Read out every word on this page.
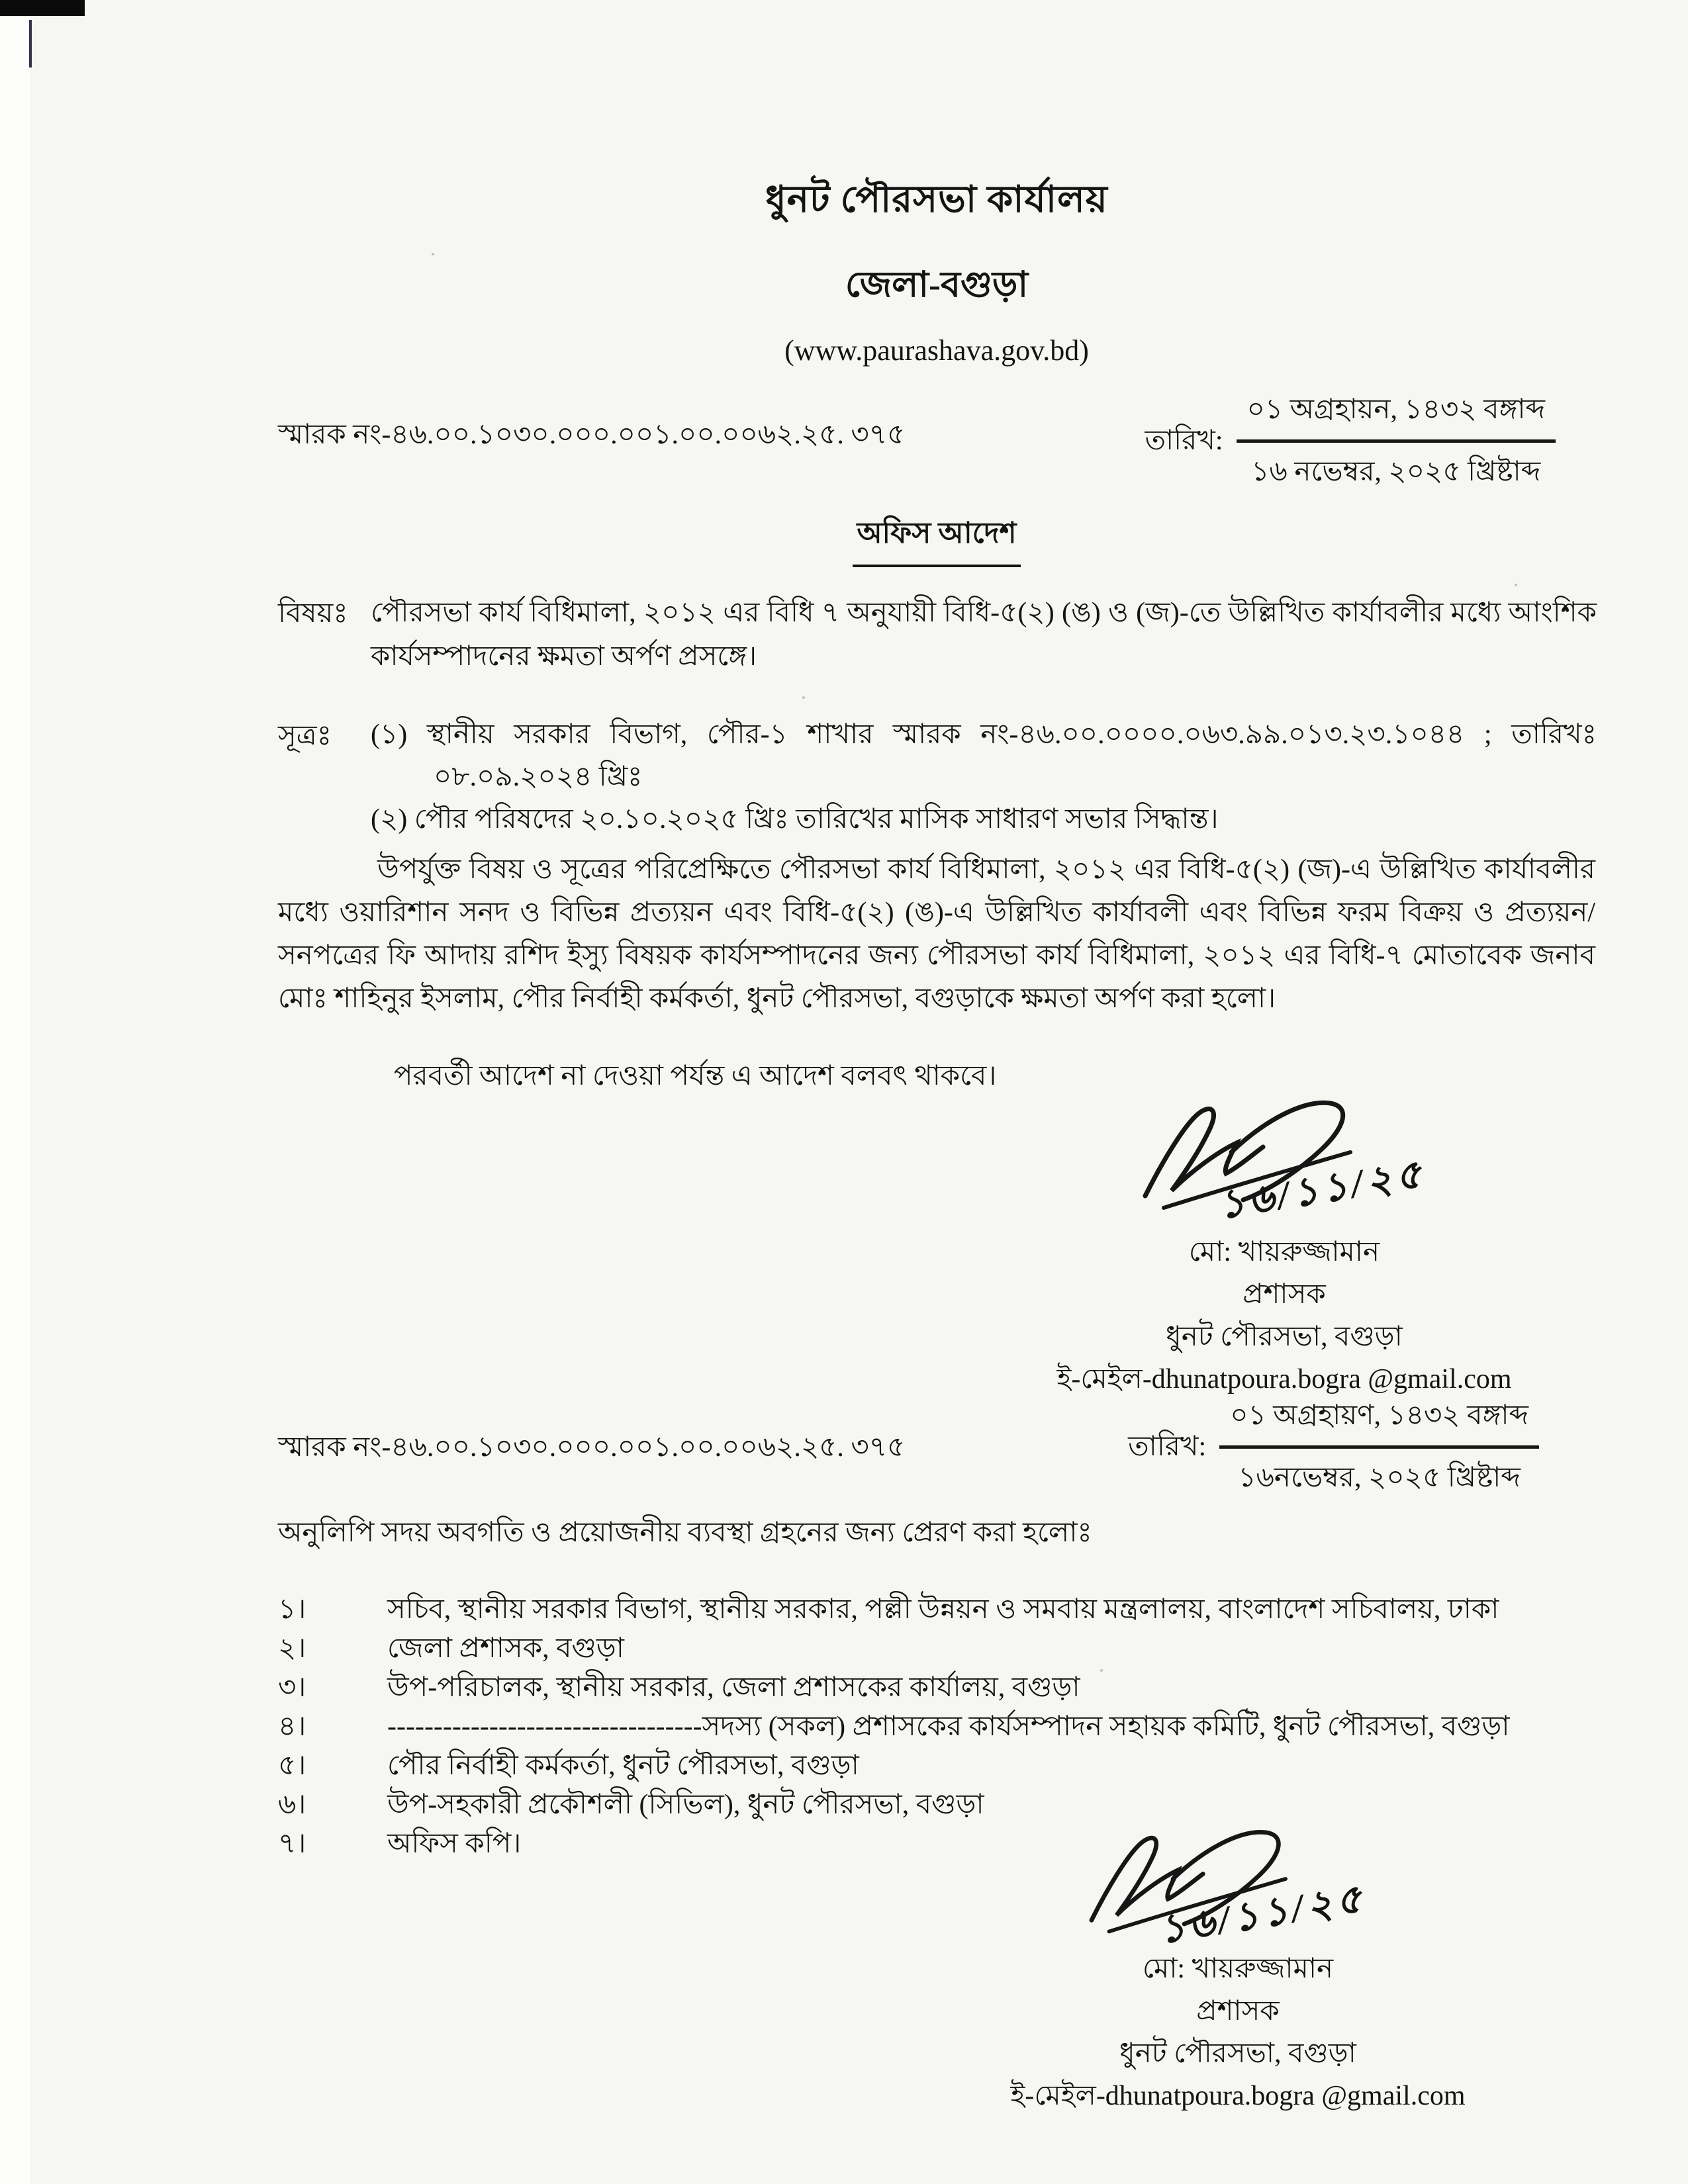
ধুনট পৌরসভা কার্যালয়
জেলা-বগুড়া
(www.paurashava.gov.bd)
স্মারক নং-৪৬.০০.১০৩০.০০০.০০১.০০.০০৬২.২৫. ৩৭৫	তারিখ: $\frac{\text{০১ অগ্রহায়ন, ১৪৩২ বঙ্গাব্দ}}{\text{১৬ নভেম্বর, ২০২৫ খ্রিষ্টাব্দ}}$
অফিস আদেশ
বিষয়ঃ পৌরসভা কার্য বিধিমালা, ২০১২ এর বিধি ৭ অনুযায়ী বিধি-৫(২) (ঙ) ও (জ)-তে উল্লিখিত কার্যাবলীর মধ্যে আংশিক কার্যসম্পাদনের ক্ষমতা অর্পণ প্রসঙ্গে।
সূত্রঃ	(১) স্থানীয় সরকার বিভাগ, পৌর-১ শাখার স্মারক নং-৪৬.০০.০০০০.০৬৩.৯৯.০১৩.২৩.১০৪৪ ; তারিখঃ ০৮.০৯.২০২৪ খ্রিঃ
(২) পৌর পরিষদের ২০.১০.২০২৫ খ্রিঃ তারিখের মাসিক সাধারণ সভার সিদ্ধান্ত।
উপর্যুক্ত বিষয় ও সূত্রের পরিপ্রেক্ষিতে পৌরসভা কার্য বিধিমালা, ২০১২ এর বিধি-৫(২) (জ)-এ উল্লিখিত কার্যাবলীর মধ্যে ওয়ারিশান সনদ ও বিভিন্ন প্রত্যয়ন এবং বিধি-৫(২) (ঙ)-এ উল্লিখিত কার্যাবলী এবং বিভিন্ন ফরম বিক্রয় ও প্রত্যয়ন/সনপত্রের ফি আদায় রশিদ ইস্যু বিষয়ক কার্যসম্পাদনের জন্য পৌরসভা কার্য বিধিমালা, ২০১২ এর বিধি-৭ মোতাবেক জনাব মোঃ শাহিনুর ইসলাম, পৌর নির্বাহী কর্মকর্তা, ধুনট পৌরসভা, বগুড়াকে ক্ষমতা অর্পণ করা হলো।
পরবর্তী আদেশ না দেওয়া পর্যন্ত এ আদেশ বলবৎ থাকবে।
১৬/১১/২৫
মো: খায়রুজ্জামান
প্রশাসক
ধুনট পৌরসভা, বগুড়া
ই-মেইল-dhunatpoura.bogra @gmail.com
স্মারক নং-৪৬.০০.১০৩০.০০০.০০১.০০.০০৬২.২৫. ৩৭৫	তারিখ: $\frac{\text{০১ অগ্রহায়ণ, ১৪৩২ বঙ্গাব্দ}}{\text{১৬নভেম্বর, ২০২৫ খ্রিষ্টাব্দ}}$
অনুলিপি সদয় অবগতি ও প্রয়োজনীয় ব্যবস্থা গ্রহনের জন্য প্রেরণ করা হলোঃ
১।	সচিব, স্থানীয় সরকার বিভাগ, স্থানীয় সরকার, পল্লী উন্নয়ন ও সমবায় মন্ত্রলালয়, বাংলাদেশ সচিবালয়, ঢাকা
২।	জেলা প্রশাসক, বগুড়া
৩।	উপ-পরিচালক, স্থানীয় সরকার, জেলা প্রশাসকের কার্যালয়, বগুড়া
৪।	----------------------------------সদস্য (সকল) প্রশাসকের কার্যসম্পাদন সহায়ক কমিটি, ধুনট পৌরসভা, বগুড়া
৫।	পৌর নির্বাহী কর্মকর্তা, ধুনট পৌরসভা, বগুড়া
৬।	উপ-সহকারী প্রকৌশলী (সিভিল), ধুনট পৌরসভা, বগুড়া
৭।	অফিস কপি।
১৬/১১/২৫
মো: খায়রুজ্জামান
প্রশাসক
ধুনট পৌরসভা, বগুড়া
ই-মেইল-dhunatpoura.bogra @gmail.com
